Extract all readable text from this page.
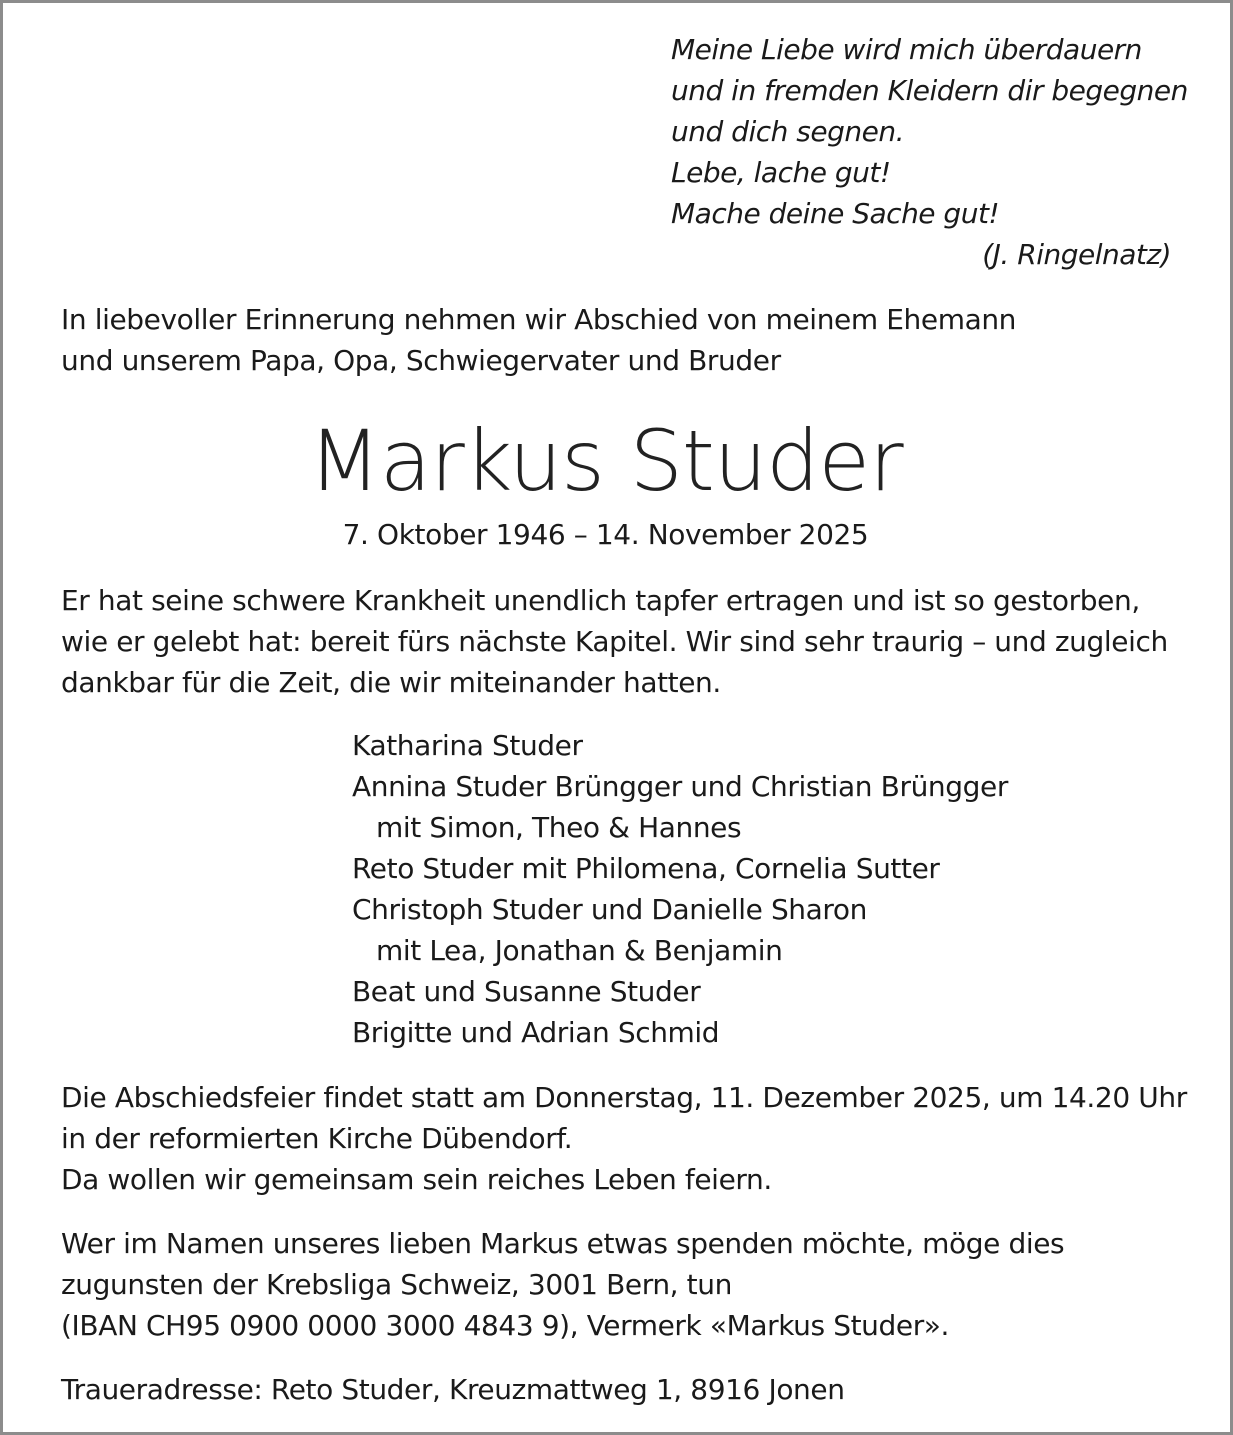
Meine Liebe wird mich überdauern
und in fremden Kleidern dir begegnen
und dich segnen.
Lebe, lache gut!
Mache deine Sache gut!
(J. Ringelnatz)
In liebevoller Erinnerung nehmen wir Abschied von meinem Ehemann
und unserem Papa, Opa, Schwiegervater und Bruder
Markus Studer
7. Oktober 1946 – 14. November 2025
Er hat seine schwere Krankheit unendlich tapfer ertragen und ist so gestorben,
wie er gelebt hat: bereit fürs nächste Kapitel. Wir sind sehr traurig – und zugleich
dankbar für die Zeit, die wir miteinander hatten.
Katharina Studer
Annina Studer Brüngger und Christian Brüngger
mit Simon, Theo & Hannes
Reto Studer mit Philomena, Cornelia Sutter
Christoph Studer und Danielle Sharon
mit Lea, Jonathan & Benjamin
Beat und Susanne Studer
Brigitte und Adrian Schmid
Die Abschiedsfeier findet statt am Donnerstag, 11. Dezember 2025, um 14.20 Uhr
in der reformierten Kirche Dübendorf.
Da wollen wir gemeinsam sein reiches Leben feiern.
Wer im Namen unseres lieben Markus etwas spenden möchte, möge dies
zugunsten der Krebsliga Schweiz, 3001 Bern, tun
(IBAN CH95 0900 0000 3000 4843 9), Vermerk «Markus Studer».
Traueradresse: Reto Studer, Kreuzmattweg 1, 8916 Jonen
